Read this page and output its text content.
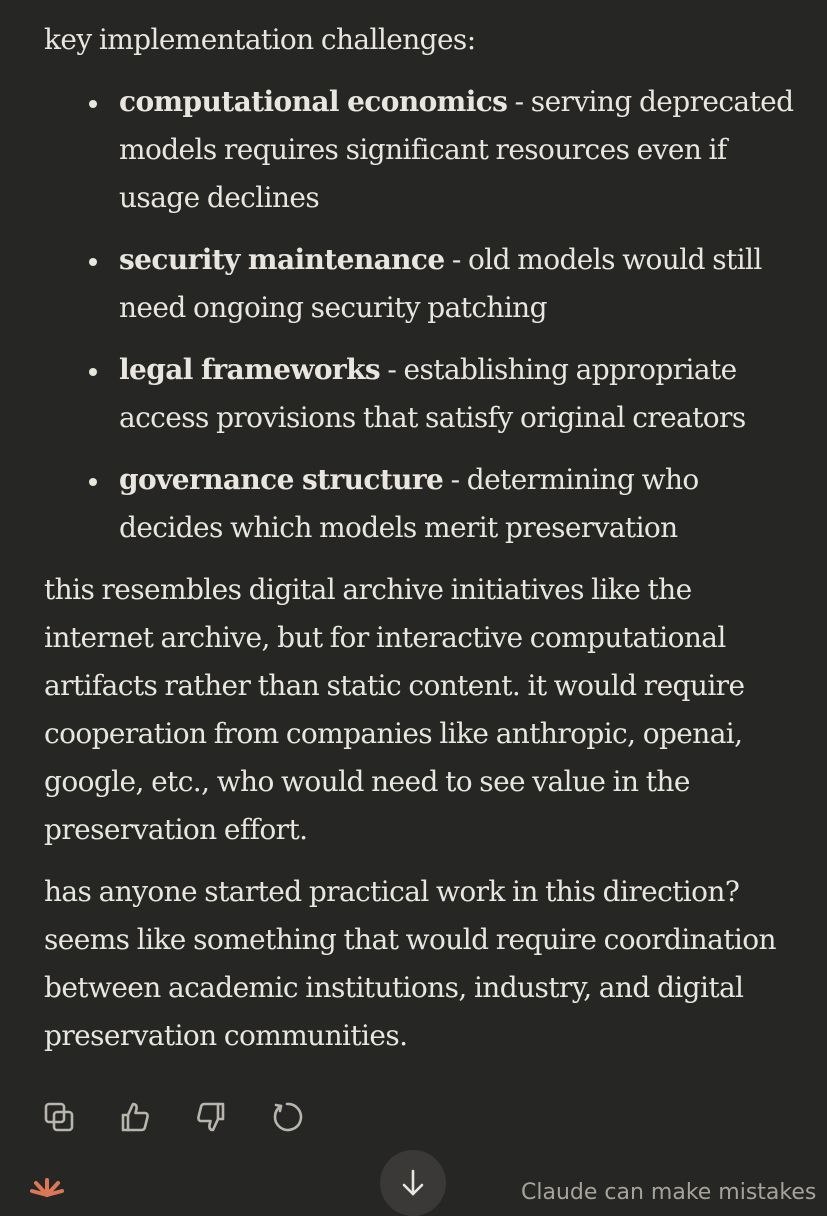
key implementation challenges:

computational economics - serving deprecated models requires significant resources even if usage declines
security maintenance - old models would still need ongoing security patching
legal frameworks - establishing appropriate access provisions that satisfy original creators
governance structure - determining who decides which models merit preservation

this resembles digital archive initiatives like the internet archive, but for interactive computational artifacts rather than static content. it would require cooperation from companies like anthropic, openai, google, etc., who would need to see value in the preservation effort.

has anyone started practical work in this direction? seems like something that would require coordination between academic institutions, industry, and digital preservation communities.

Claude can make mistakes
